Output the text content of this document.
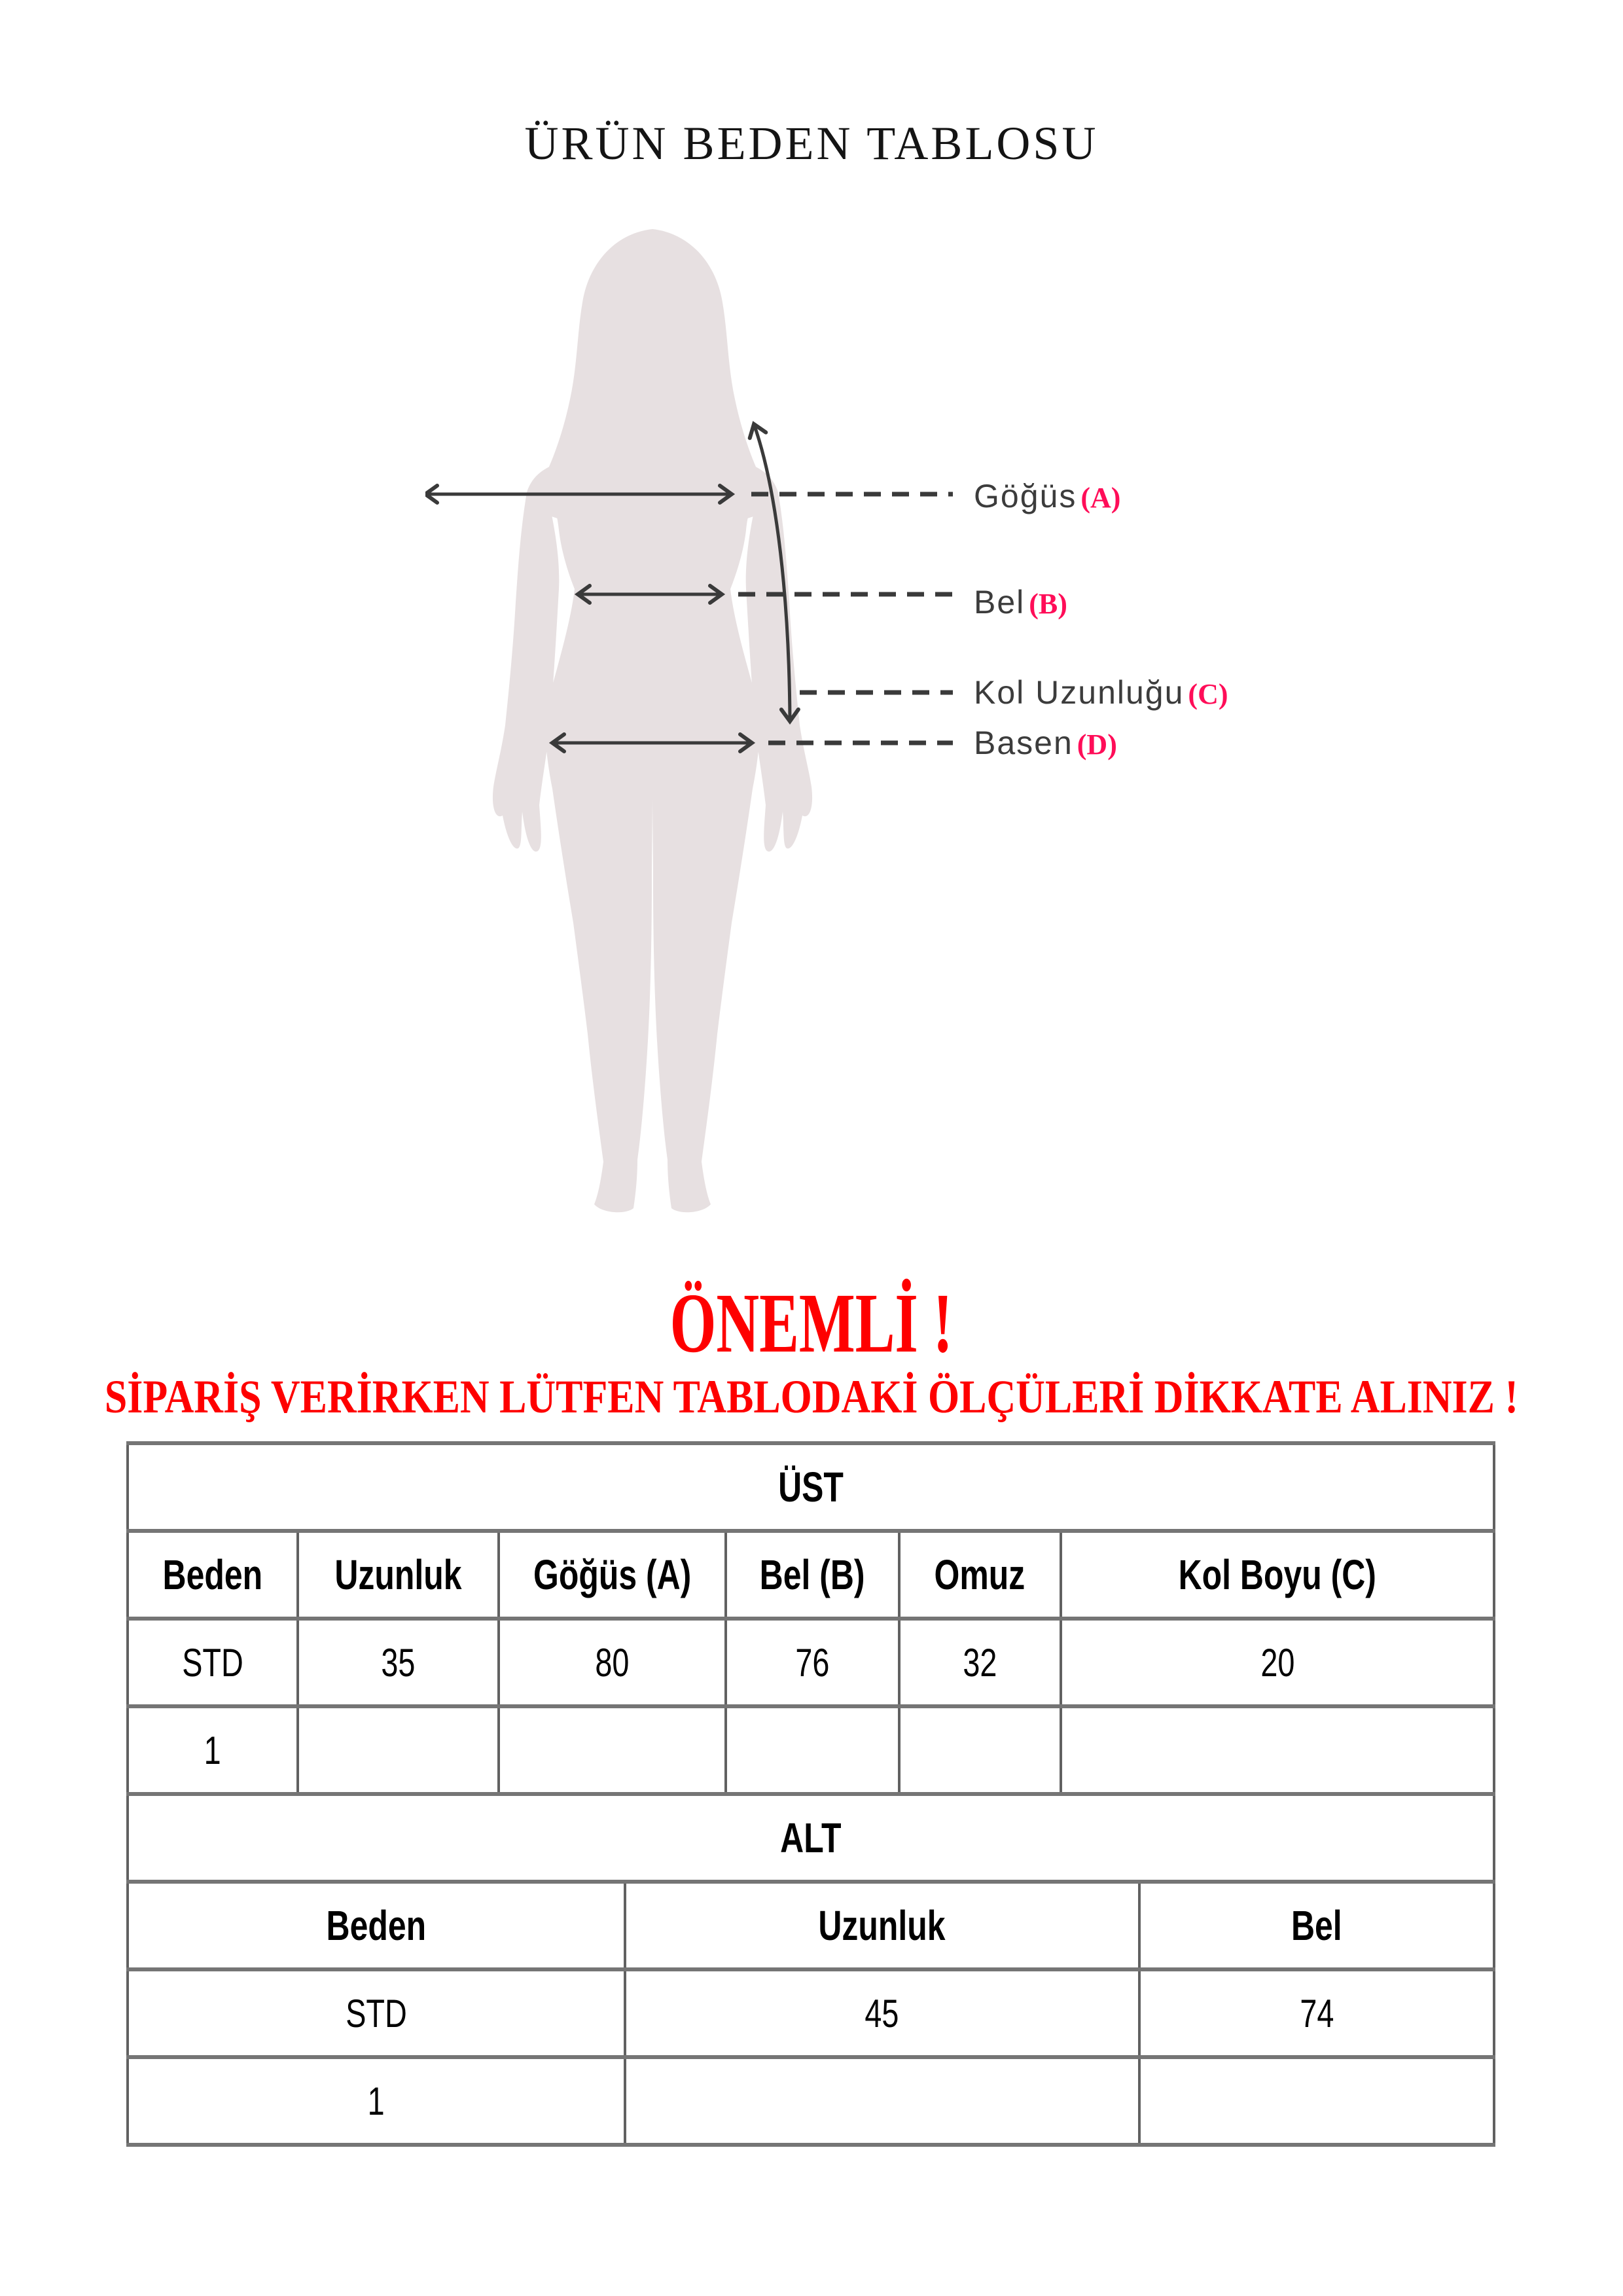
ÜRÜN BEDEN TABLOSU
Göğüs (A)
Bel (B)
Kol Uzunluğu (C)
Basen (D)
ÖNEMLİ !
SİPARİŞ VERİRKEN LÜTFEN TABLODAKİ ÖLÇÜLERİ DİKKATE ALINIZ !
ÜST							
Beden	Uzunluk	Göğüs (A)		Bel (B)	Omuz	Kol Boyu (C)	
STD	35	80		76	32	20	
1							
ALT							
Beden			Uzunluk				Bel
STD			45				74
1							
